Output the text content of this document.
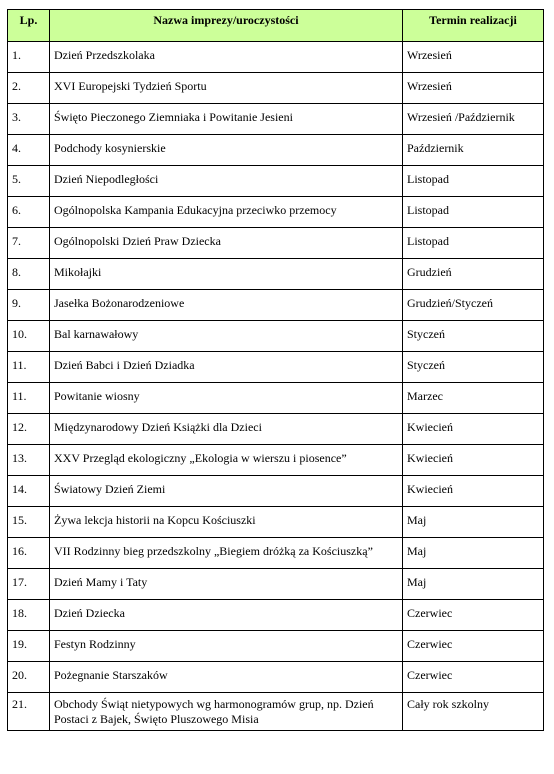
Lp.	Nazwa imprezy/uroczystości	Termin realizacji
1.	Dzień Przedszkolaka	Wrzesień
2.	XVI Europejski Tydzień Sportu	Wrzesień
3.	Święto Pieczonego Ziemniaka i Powitanie Jesieni	Wrzesień /Październik
4.	Podchody kosynierskie	Październik
5.	Dzień Niepodległości	Listopad
6.	Ogólnopolska Kampania Edukacyjna przeciwko przemocy	Listopad
7.	Ogólnopolski Dzień Praw Dziecka	Listopad
8.	Mikołajki	Grudzień
9.	Jasełka Bożonarodzeniowe	Grudzień/Styczeń
10.	Bal karnawałowy	Styczeń
11.	Dzień Babci i Dzień Dziadka	Styczeń
11.	Powitanie wiosny	Marzec
12.	Międzynarodowy Dzień Książki dla Dzieci	Kwiecień
13.	XXV Przegląd ekologiczny „Ekologia w wierszu i piosence”	Kwiecień
14.	Światowy Dzień Ziemi	Kwiecień
15.	Żywa lekcja historii na Kopcu Kościuszki	Maj
16.	VII Rodzinny bieg przedszkolny „Biegiem dróżką za Kościuszką”	Maj
17.	Dzień Mamy i Taty	Maj
18.	Dzień Dziecka	Czerwiec
19.	Festyn Rodzinny	Czerwiec
20.	Pożegnanie Starszaków	Czerwiec
21.	Obchody Świąt nietypowych wg harmonogramów grup, np. Dzień Postaci z Bajek, Święto Pluszowego Misia	Cały rok szkolny
